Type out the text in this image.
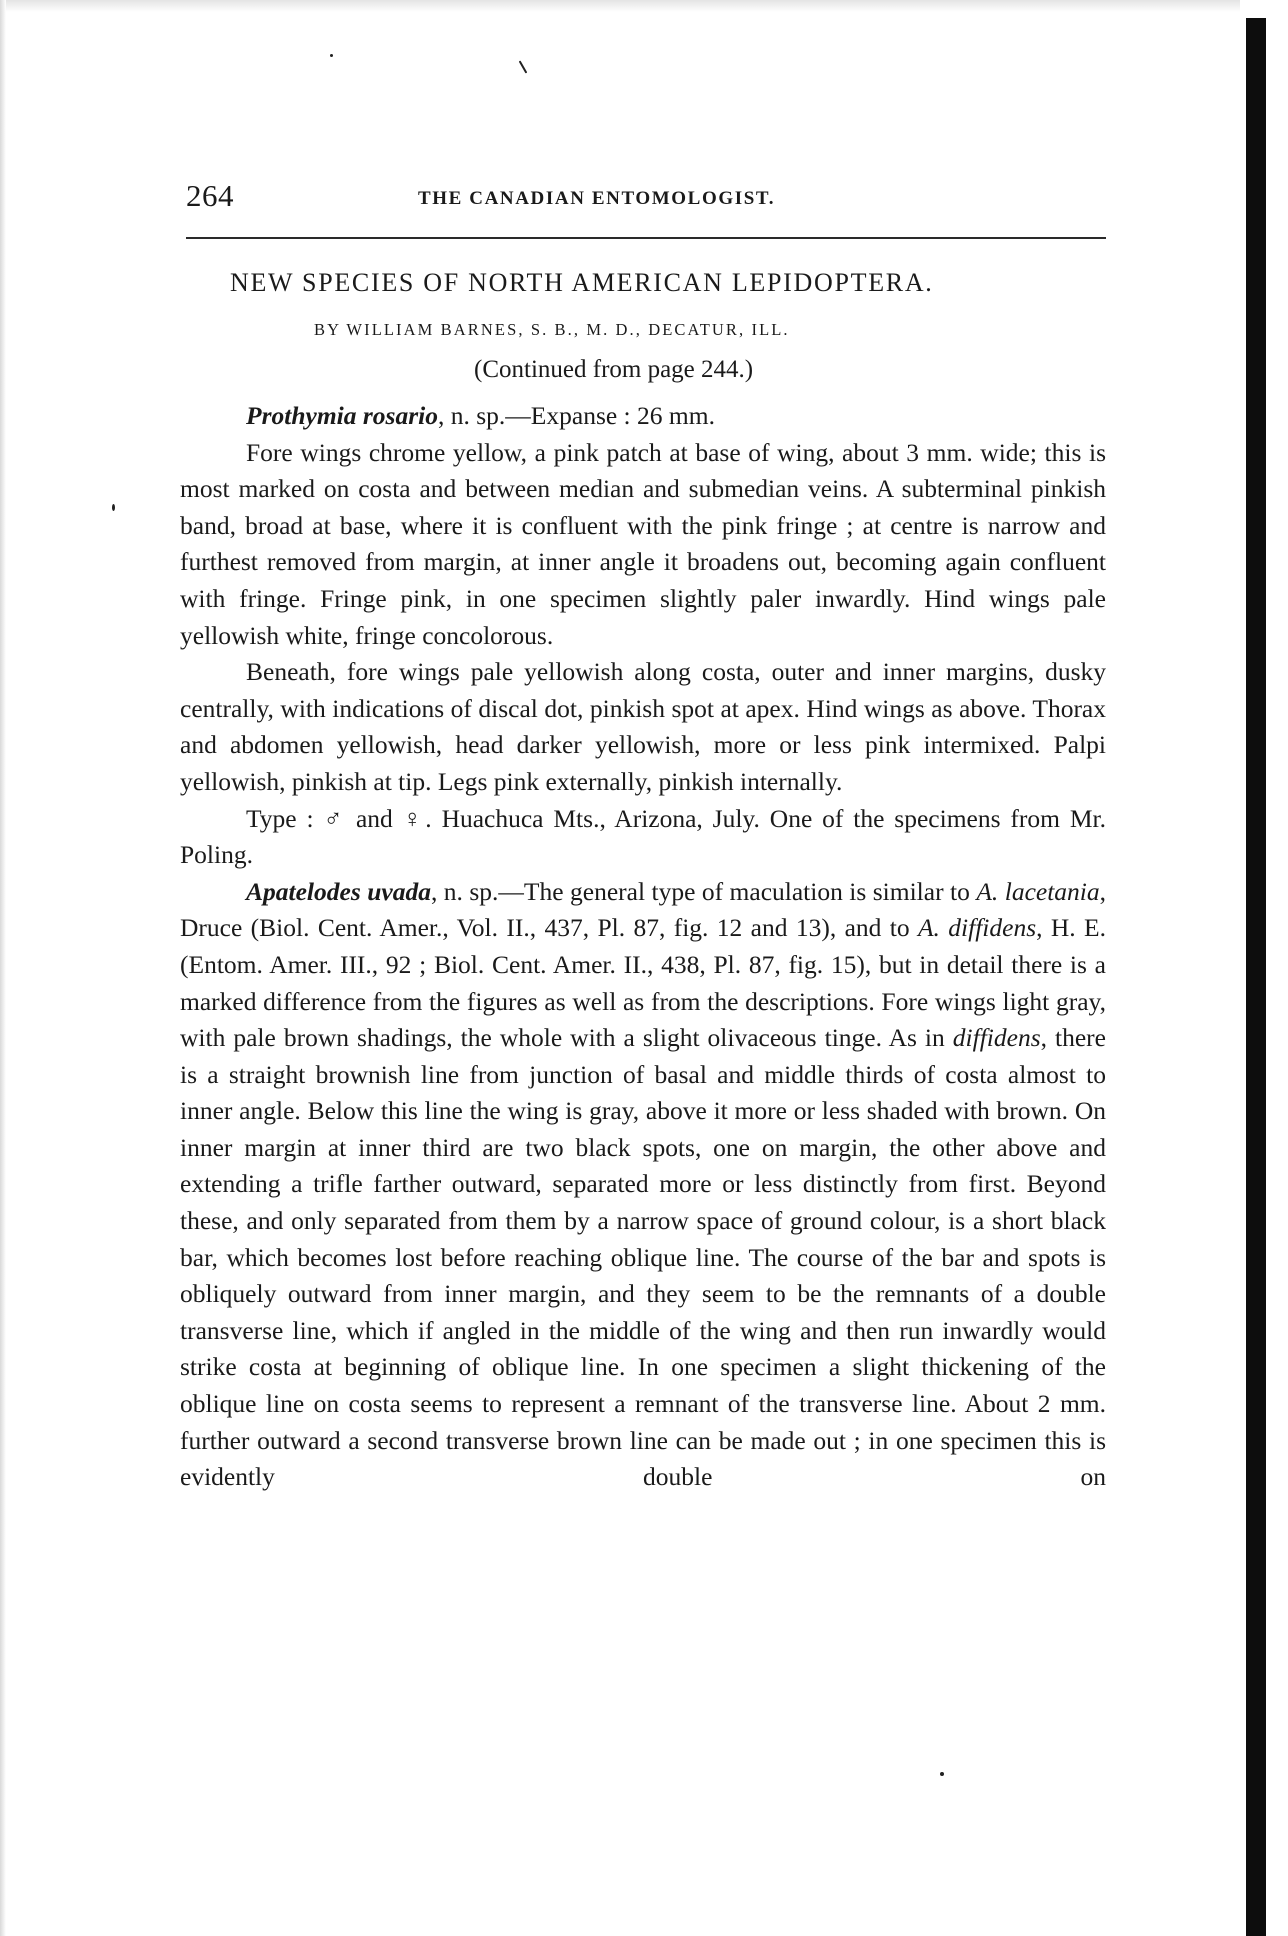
264	THE CANADIAN ENTOMOLOGIST.
NEW SPECIES OF NORTH AMERICAN LEPIDOPTERA.
BY WILLIAM BARNES, S. B., M. D., DECATUR, ILL.
(Continued from page 244.)

Prothymia rosario, n. sp.—Expanse : 26 mm.

Fore wings chrome yellow, a pink patch at base of wing, about 3 mm. wide; this is most marked on costa and between median and submedian veins. A subterminal pinkish band, broad at base, where it is confluent with the pink fringe ; at centre is narrow and furthest removed from margin, at inner angle it broadens out, becoming again confluent with fringe. Fringe pink, in one specimen slightly paler inwardly. Hind wings pale yellowish white, fringe concolorous.

Beneath, fore wings pale yellowish along costa, outer and inner margins, dusky centrally, with indications of discal dot, pinkish spot at apex. Hind wings as above. Thorax and abdomen yellowish, head darker yellowish, more or less pink intermixed. Palpi yellowish, pinkish at tip. Legs pink externally, pinkish internally.

Type : ♂ and ♀. Huachuca Mts., Arizona, July. One of the specimens from Mr. Poling.

Apatelodes uvada, n. sp.—The general type of maculation is similar to A. lacetania, Druce (Biol. Cent. Amer., Vol. II., 437, Pl. 87, fig. 12 and 13), and to A. diffidens, H. E. (Entom. Amer. III., 92 ; Biol. Cent. Amer. II., 438, Pl. 87, fig. 15), but in detail there is a marked difference from the figures as well as from the descriptions. Fore wings light gray, with pale brown shadings, the whole with a slight olivaceous tinge. As in diffidens, there is a straight brownish line from junction of basal and middle thirds of costa almost to inner angle. Below this line the wing is gray, above it more or less shaded with brown. On inner margin at inner third are two black spots, one on margin, the other above and extending a trifle farther outward, separated more or less distinctly from first. Beyond these, and only separated from them by a narrow space of ground colour, is a short black bar, which becomes lost before reaching oblique line. The course of the bar and spots is obliquely outward from inner margin, and they seem to be the remnants of a double transverse line, which if angled in the middle of the wing and then run inwardly would strike costa at beginning of oblique line. In one specimen a slight thickening of the oblique line on costa seems to represent a remnant of the transverse line. About 2 mm. further outward a second transverse brown line can be made out ; in one specimen this is evidently double on
